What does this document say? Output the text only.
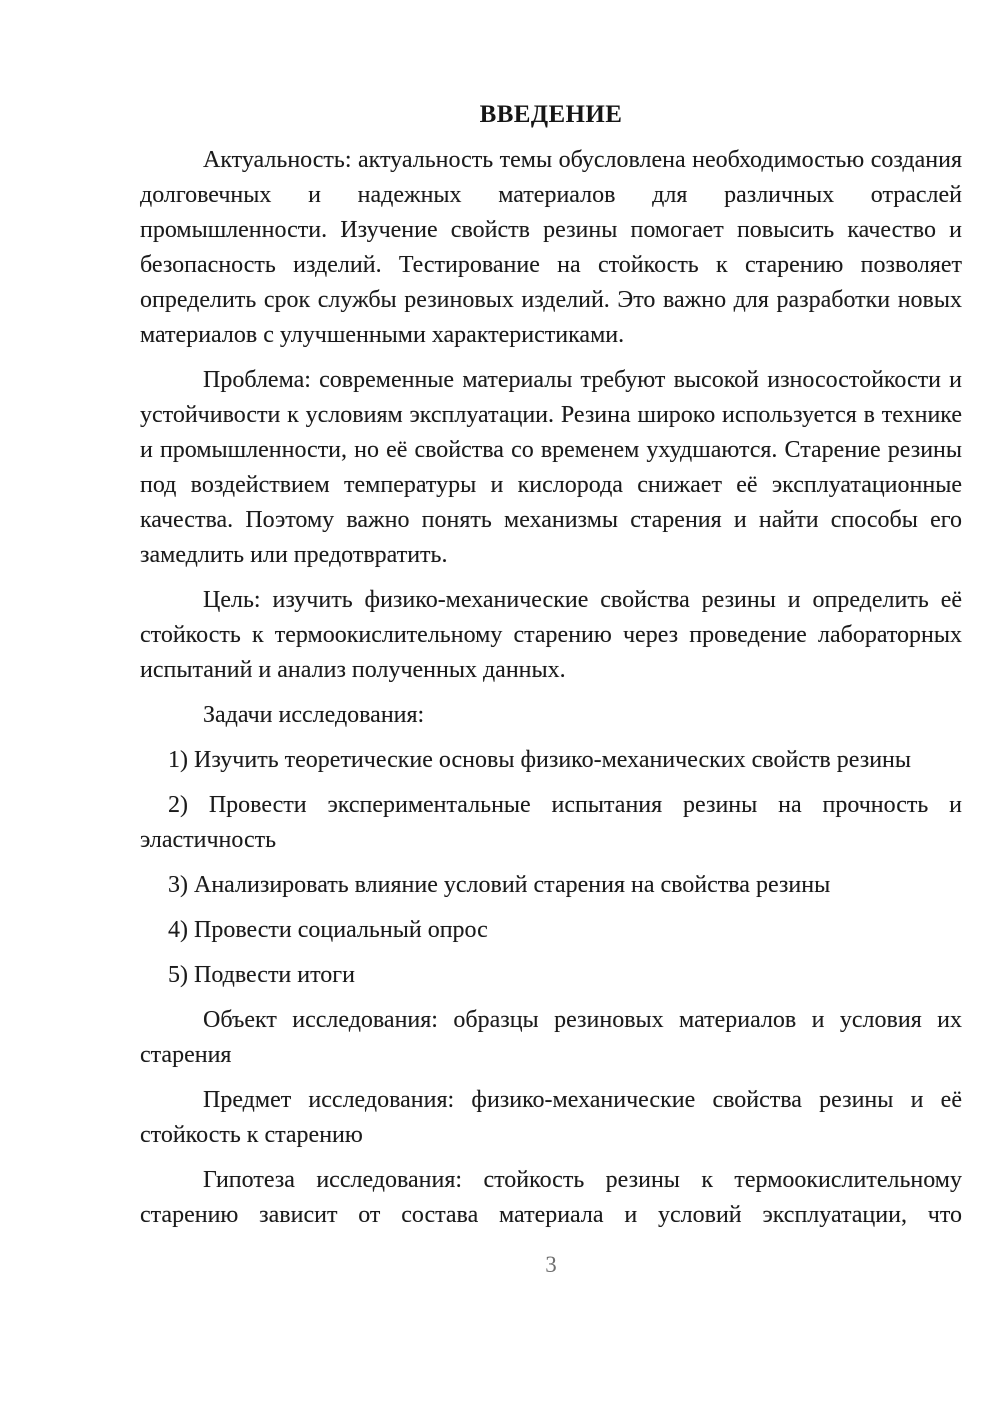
ВВЕДЕНИЕ

Актуальность: актуальность темы обусловлена необходимостью создания долговечных и надежных материалов для различных отраслей промышленности. Изучение свойств резины помогает повысить качество и безопасность изделий. Тестирование на стойкость к старению позволяет определить срок службы резиновых изделий. Это важно для разработки новых материалов с улучшенными характеристиками.

Проблема: современные материалы требуют высокой износостойкости и устойчивости к условиям эксплуатации. Резина широко используется в технике и промышленности, но её свойства со временем ухудшаются. Старение резины под воздействием температуры и кислорода снижает её эксплуатационные качества. Поэтому важно понять механизмы старения и найти способы его замедлить или предотвратить.

Цель: изучить физико-механические свойства резины и определить её стойкость к термоокислительному старению через проведение лабораторных испытаний и анализ полученных данных.

Задачи исследования:

1) Изучить теоретические основы физико-механических свойств резины

2) Провести экспериментальные испытания резины на прочность и эластичность

3) Анализировать влияние условий старения на свойства резины

4) Провести социальный опрос

5) Подвести итоги

Объект исследования: образцы резиновых материалов и условия их старения

Предмет исследования: физико-механические свойства резины и её стойкость к старению

Гипотеза исследования: стойкость резины к термоокислительному старению зависит от состава материала и условий эксплуатации, что

3
